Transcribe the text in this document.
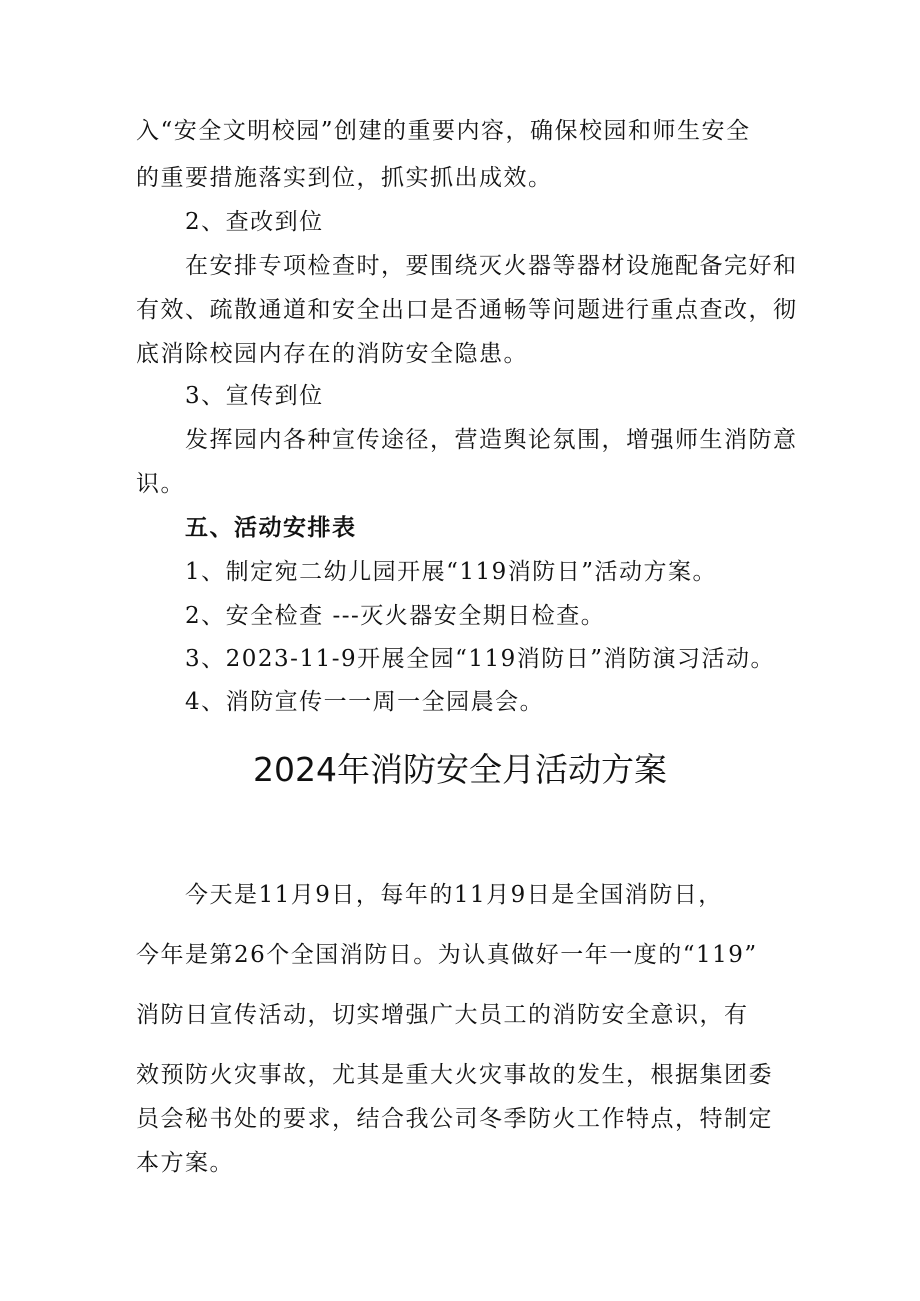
入“安全文明校园”创建的重要内容，确保校园和师生安全
的重要措施落实到位，抓实抓出成效。
2、查改到位
在安排专项检查时，要围绕灭火器等器材设施配备完好和
有效、疏散通道和安全出口是否通畅等问题进行重点查改，彻
底消除校园内存在的消防安全隐患。
3、宣传到位
发挥园内各种宣传途径，营造舆论氛围，增强师生消防意
识。
五、活动安排表
1、制定宛二幼儿园开展“119消防日”活动方案。
2、安全检查 ---灭火器安全期日检查。
3、2023-11-9开展全园“119消防日”消防演习活动。
4、消防宣传一一周一全园晨会。
2024年消防安全月活动方案
今天是11月9日，每年的11月9日是全国消防日，
今年是第26个全国消防日。为认真做好一年一度的“119”
消防日宣传活动，切实增强广大员工的消防安全意识，有
效预防火灾事故，尤其是重大火灾事故的发生，根据集团委
员会秘书处的要求，结合我公司冬季防火工作特点，特制定
本方案。
